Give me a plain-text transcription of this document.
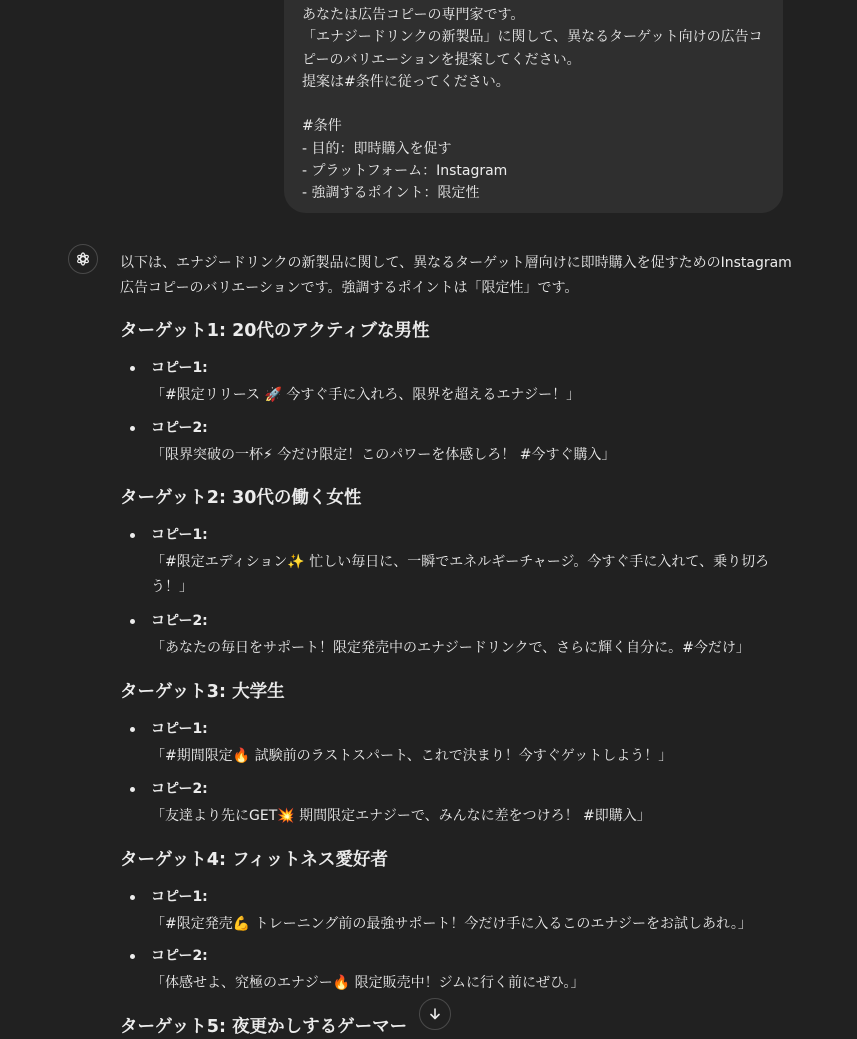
あなたは広告コピーの専門家です。
「エナジードリンクの新製品」に関して、異なるターゲット向けの広告コピーのバリエーションを提案してください。
提案は#条件に従ってください。

#条件
- 目的：即時購入を促す
- プラットフォーム：Instagram
- 強調するポイント：限定性

以下は、エナジードリンクの新製品に関して、異なるターゲット層向けに即時購入を促すためのInstagram広告コピーのバリエーションです。強調するポイントは「限定性」です。

ターゲット1: 20代のアクティブな男性
コピー1:
「#限定リリース 🚀 今すぐ手に入れろ、限界を超えるエナジー！」
コピー2:
「限界突破の一杯⚡ 今だけ限定！このパワーを体感しろ！ #今すぐ購入」
ターゲット2: 30代の働く女性
コピー1:
「#限定エディション✨ 忙しい毎日に、一瞬でエネルギーチャージ。今すぐ手に入れて、乗り切ろう！」
コピー2:
「あなたの毎日をサポート！限定発売中のエナジードリンクで、さらに輝く自分に。#今だけ」
ターゲット3: 大学生
コピー1:
「#期間限定🔥 試験前のラストスパート、これで決まり！今すぐゲットしよう！」
コピー2:
「友達より先にGET💥 期間限定エナジーで、みんなに差をつけろ！ #即購入」
ターゲット4: フィットネス愛好者
コピー1:
「#限定発売💪 トレーニング前の最強サポート！今だけ手に入るこのエナジーをお試しあれ。」
コピー2:
「体感せよ、究極のエナジー🔥 限定販売中！ジムに行く前にぜひ。」
ターゲット5: 夜更かしするゲーマー
